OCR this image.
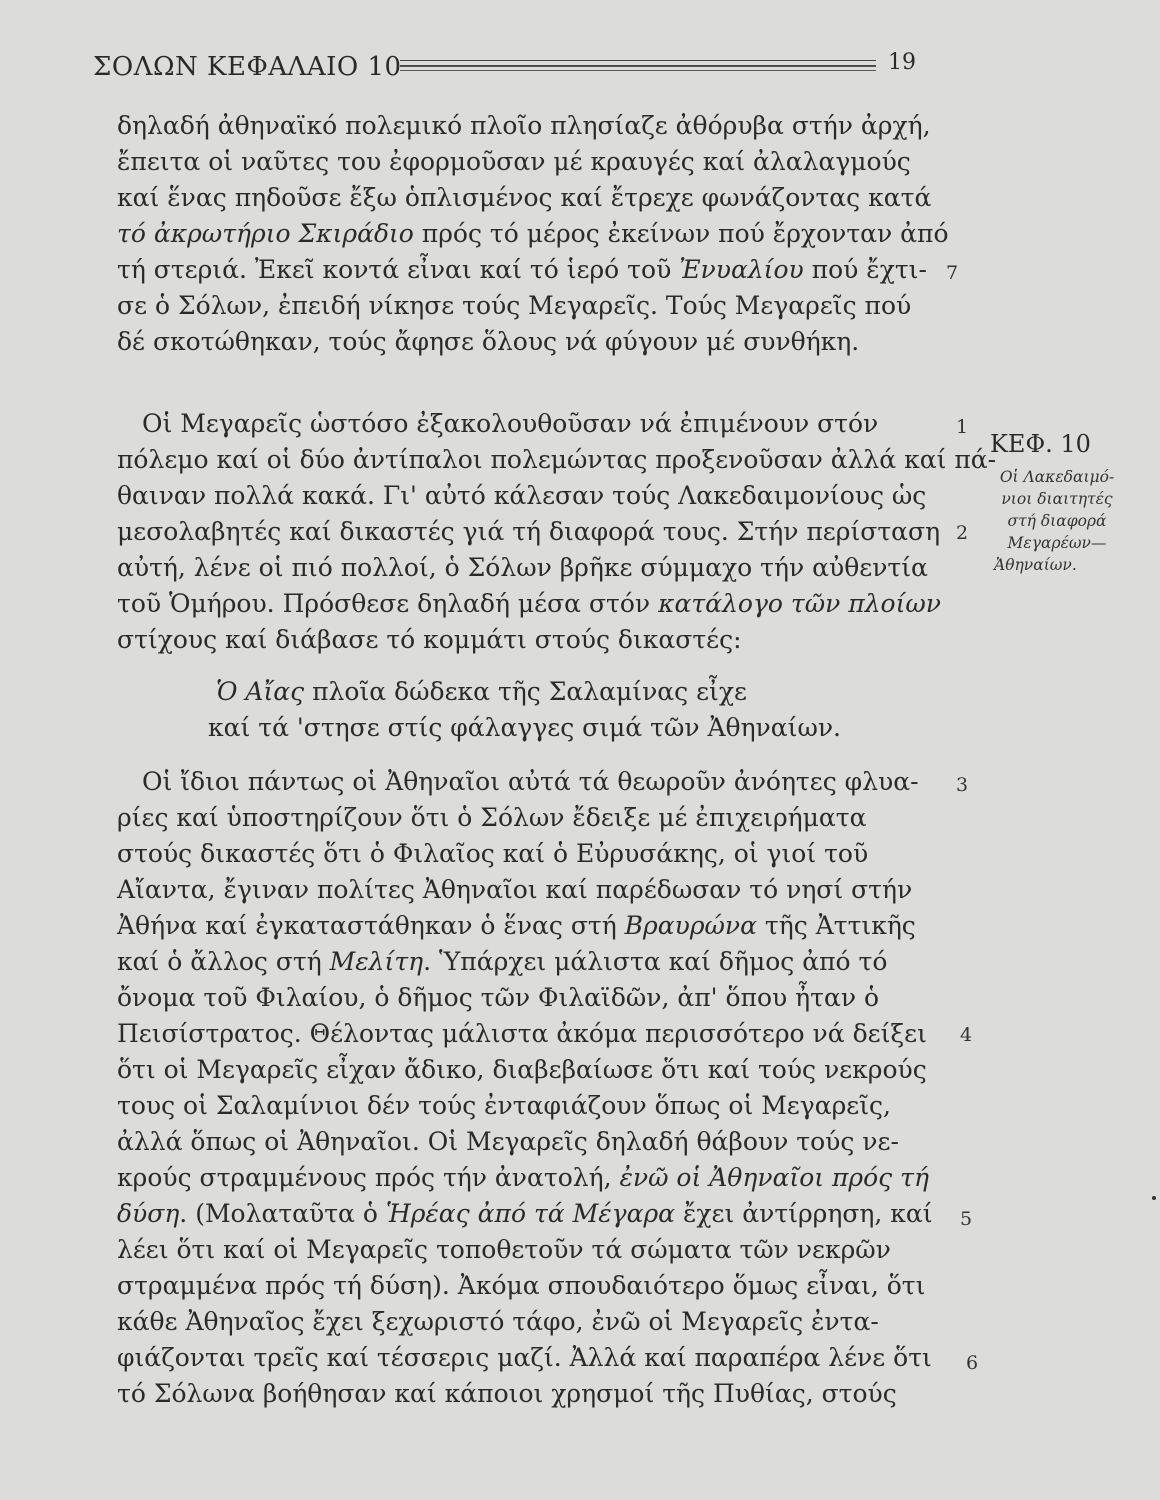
ΣΟΛΩΝ ΚΕΦΑΛΑΙΟ 10	19
δηλαδή ἀθηναϊκό πολεμικό πλοῖο πλησίαζε ἀθόρυβα στήν ἀρχή,
ἔπειτα οἱ ναῦτες του ἐφορμοῦσαν μέ κραυγές καί ἀλαλαγμούς
καί ἕνας πηδοῦσε ἔξω ὁπλισμένος καί ἔτρεχε φωνάζοντας κατά
τό ἀκρωτήριο Σκιράδιο πρός τό μέρος ἐκείνων πού ἔρχονταν ἀπό
τή στεριά. Ἐκεῖ κοντά εἶναι καί τό ἱερό τοῦ Ἐνυαλίου πού ἔχτι-
σε ὁ Σόλων, ἐπειδή νίκησε τούς Μεγαρεῖς. Τούς Μεγαρεῖς πού
δέ σκοτώθηκαν, τούς ἄφησε ὅλους νά φύγουν μέ συνθήκη.
Οἱ Μεγαρεῖς ὡστόσο ἐξακολουθοῦσαν νά ἐπιμένουν στόν
πόλεμο καί οἱ δύο ἀντίπαλοι πολεμώντας προξενοῦσαν ἀλλά καί πά-
θαιναν πολλά κακά. Γι' αὐτό κάλεσαν τούς Λακεδαιμονίους ὡς
μεσολαβητές καί δικαστές γιά τή διαφορά τους. Στήν περίσταση
αὐτή, λένε οἱ πιό πολλοί, ὁ Σόλων βρῆκε σύμμαχο τήν αὐθεντία
τοῦ Ὁμήρου. Πρόσθεσε δηλαδή μέσα στόν κατάλογο τῶν πλοίων
στίχους καί διάβασε τό κομμάτι στούς δικαστές:
Ὁ Αἴας πλοῖα δώδεκα τῆς Σαλαμίνας εἶχε
καί τά 'στησε στίς φάλαγγες σιμά τῶν Ἀθηναίων.
Οἱ ἴδιοι πάντως οἱ Ἀθηναῖοι αὐτά τά θεωροῦν ἀνόητες φλυα-
ρίες καί ὑποστηρίζουν ὅτι ὁ Σόλων ἔδειξε μέ ἐπιχειρήματα
στούς δικαστές ὅτι ὁ Φιλαῖος καί ὁ Εὐρυσάκης, οἱ γιοί τοῦ
Αἴαντα, ἔγιναν πολίτες Ἀθηναῖοι καί παρέδωσαν τό νησί στήν
Ἀθήνα καί ἐγκαταστάθηκαν ὁ ἕνας στή Βραυρώνα τῆς Ἀττικῆς
καί ὁ ἄλλος στή Μελίτη. Ὑπάρχει μάλιστα καί δῆμος ἀπό τό
ὄνομα τοῦ Φιλαίου, ὁ δῆμος τῶν Φιλαϊδῶν, ἀπ' ὅπου ἦταν ὁ
Πεισίστρατος. Θέλοντας μάλιστα ἀκόμα περισσότερο νά δείξει
ὅτι οἱ Μεγαρεῖς εἶχαν ἄδικο, διαβεβαίωσε ὅτι καί τούς νεκρούς
τους οἱ Σαλαμίνιοι δέν τούς ἐνταφιάζουν ὅπως οἱ Μεγαρεῖς,
ἀλλά ὅπως οἱ Ἀθηναῖοι. Οἱ Μεγαρεῖς δηλαδή θάβουν τούς νε-
κρούς στραμμένους πρός τήν ἀνατολή, ἐνῶ οἱ Ἀθηναῖοι πρός τή
δύση. (Μολαταῦτα ὁ Ἡρέας ἀπό τά Μέγαρα ἔχει ἀντίρρηση, καί
λέει ὅτι καί οἱ Μεγαρεῖς τοποθετοῦν τά σώματα τῶν νεκρῶν
στραμμένα πρός τή δύση). Ἀκόμα σπουδαιότερο ὅμως εἶναι, ὅτι
κάθε Ἀθηναῖος ἔχει ξεχωριστό τάφο, ἐνῶ οἱ Μεγαρεῖς ἐντα-
φιάζονται τρεῖς καί τέσσερις μαζί. Ἀλλά καί παραπέρα λένε ὅτι
τό Σόλωνα βοήθησαν καί κάποιοι χρησμοί τῆς Πυθίας, στούς
7
1
2
3
4
5
6
ΚΕΦ. 10
Οἱ Λακεδαιμό-
νιοι διαιτητές
στή διαφορά
Μεγαρέων—
Ἀθηναίων.
